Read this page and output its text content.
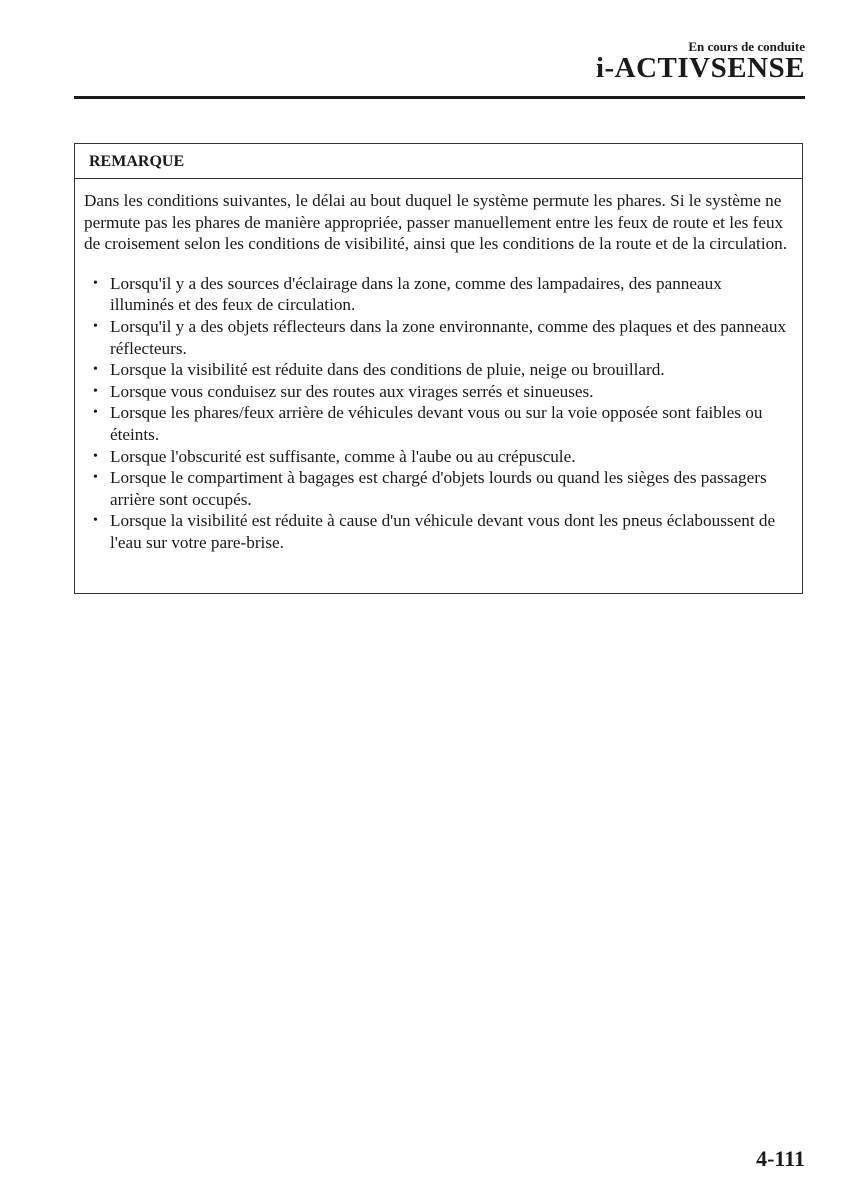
En cours de conduite
i-ACTIVSENSE
REMARQUE

Dans les conditions suivantes, le délai au bout duquel le système permute les phares. Si le système ne permute pas les phares de manière appropriée, passer manuellement entre les feux de route et les feux de croisement selon les conditions de visibilité, ainsi que les conditions de la route et de la circulation.

• Lorsqu'il y a des sources d'éclairage dans la zone, comme des lampadaires, des panneaux illuminés et des feux de circulation.
• Lorsqu'il y a des objets réflecteurs dans la zone environnante, comme des plaques et des panneaux réflecteurs.
• Lorsque la visibilité est réduite dans des conditions de pluie, neige ou brouillard.
• Lorsque vous conduisez sur des routes aux virages serrés et sinueuses.
• Lorsque les phares/feux arrière de véhicules devant vous ou sur la voie opposée sont faibles ou éteints.
• Lorsque l'obscurité est suffisante, comme à l'aube ou au crépuscule.
• Lorsque le compartiment à bagages est chargé d'objets lourds ou quand les sièges des passagers arrière sont occupés.
• Lorsque la visibilité est réduite à cause d'un véhicule devant vous dont les pneus éclaboussent de l'eau sur votre pare-brise.
4-111
